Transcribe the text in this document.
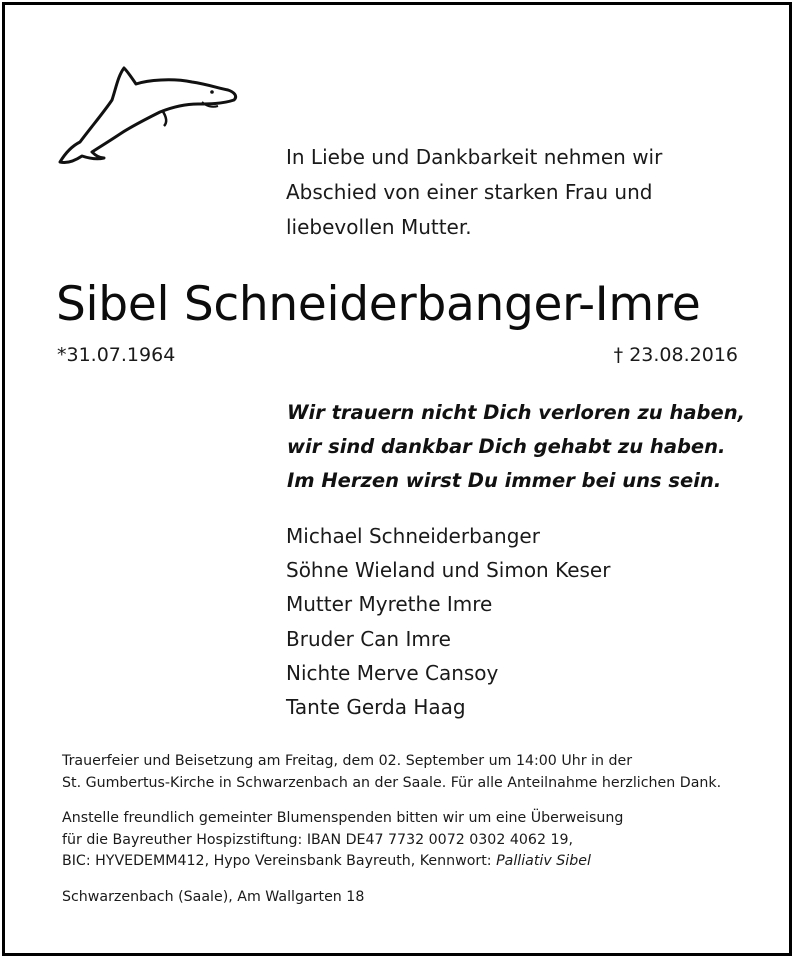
In Liebe und Dankbarkeit nehmen wir
Abschied von einer starken Frau und
liebevollen Mutter.
Sibel Schneiderbanger-Imre
*31.07.1964	† 23.08.2016
Wir trauern nicht Dich verloren zu haben,
wir sind dankbar Dich gehabt zu haben.
Im Herzen wirst Du immer bei uns sein.
Michael Schneiderbanger
Söhne Wieland und Simon Keser
Mutter Myrethe Imre
Bruder Can Imre
Nichte Merve Cansoy
Tante Gerda Haag
Trauerfeier und Beisetzung am Freitag, dem 02. September um 14:00 Uhr in der
St. Gumbertus-Kirche in Schwarzenbach an der Saale. Für alle Anteilnahme herzlichen Dank.
Anstelle freundlich gemeinter Blumenspenden bitten wir um eine Überweisung
für die Bayreuther Hospizstiftung: IBAN DE47 7732 0072 0302 4062 19,
BIC: HYVEDEMM412, Hypo Vereinsbank Bayreuth, Kennwort: Palliativ Sibel
Schwarzenbach (Saale), Am Wallgarten 18
